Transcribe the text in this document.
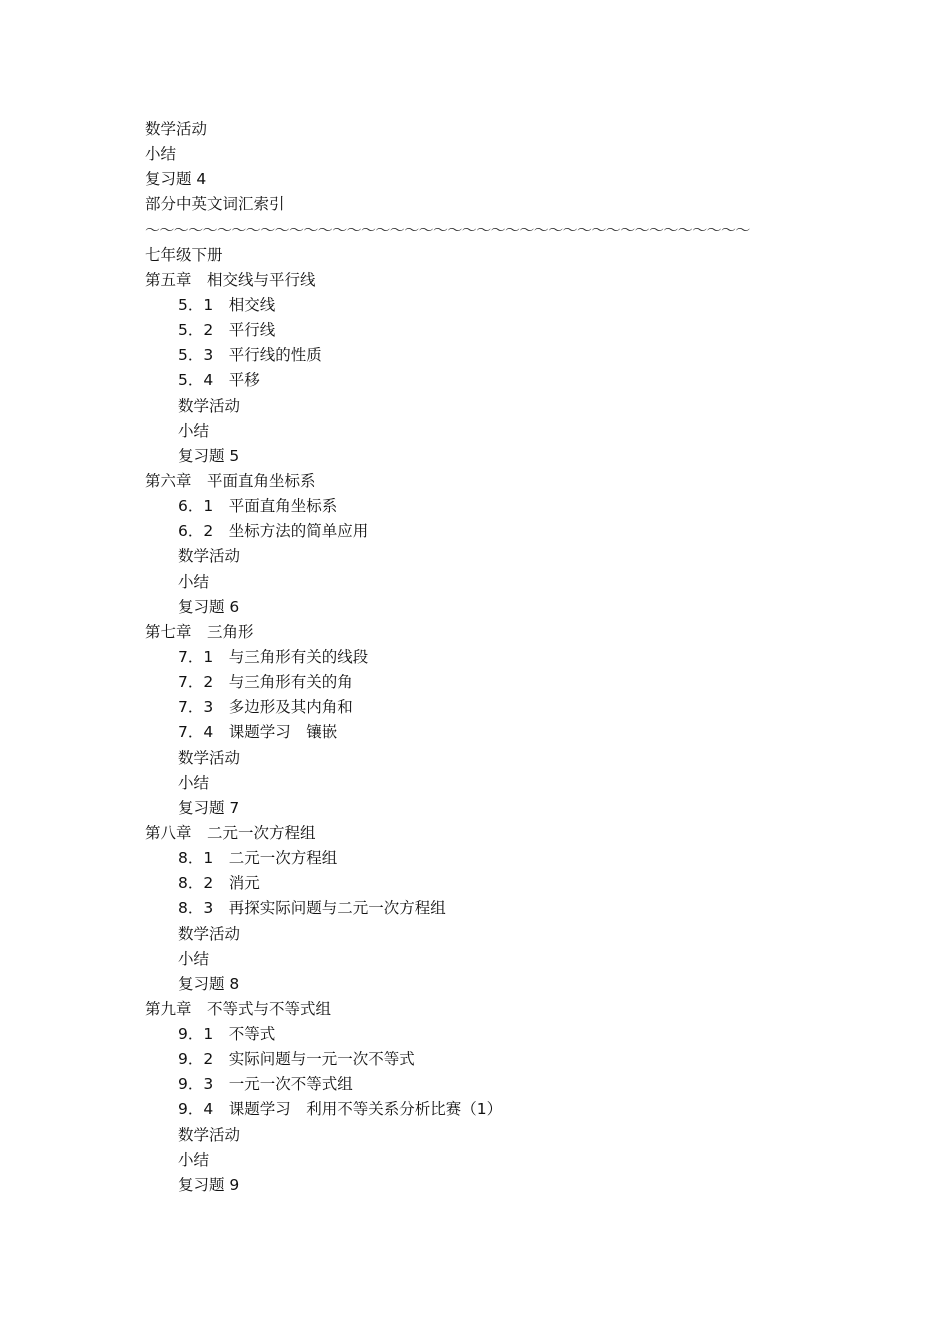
数学活动
小结
复习题 4
部分中英文词汇索引
～～～～～～～～～～～～～～～～～～～～～～～～～～～～～～～～～～～～～～～～～～
七年级下册
第五章　相交线与平行线
5．1　相交线
5．2　平行线
5．3　平行线的性质
5．4　平移
数学活动
小结
复习题 5
第六章　平面直角坐标系
6．1　平面直角坐标系
6．2　坐标方法的简单应用
数学活动
小结
复习题 6
第七章　三角形
7．1　与三角形有关的线段
7．2　与三角形有关的角
7．3　多边形及其内角和
7．4　课题学习　镶嵌
数学活动
小结
复习题 7
第八章　二元一次方程组
8．1　二元一次方程组
8．2　消元
8．3　再探实际问题与二元一次方程组
数学活动
小结
复习题 8
第九章　不等式与不等式组
9．1　不等式
9．2　实际问题与一元一次不等式
9．3　一元一次不等式组
9．4　课题学习　利用不等关系分析比赛（1）
数学活动
小结
复习题 9
